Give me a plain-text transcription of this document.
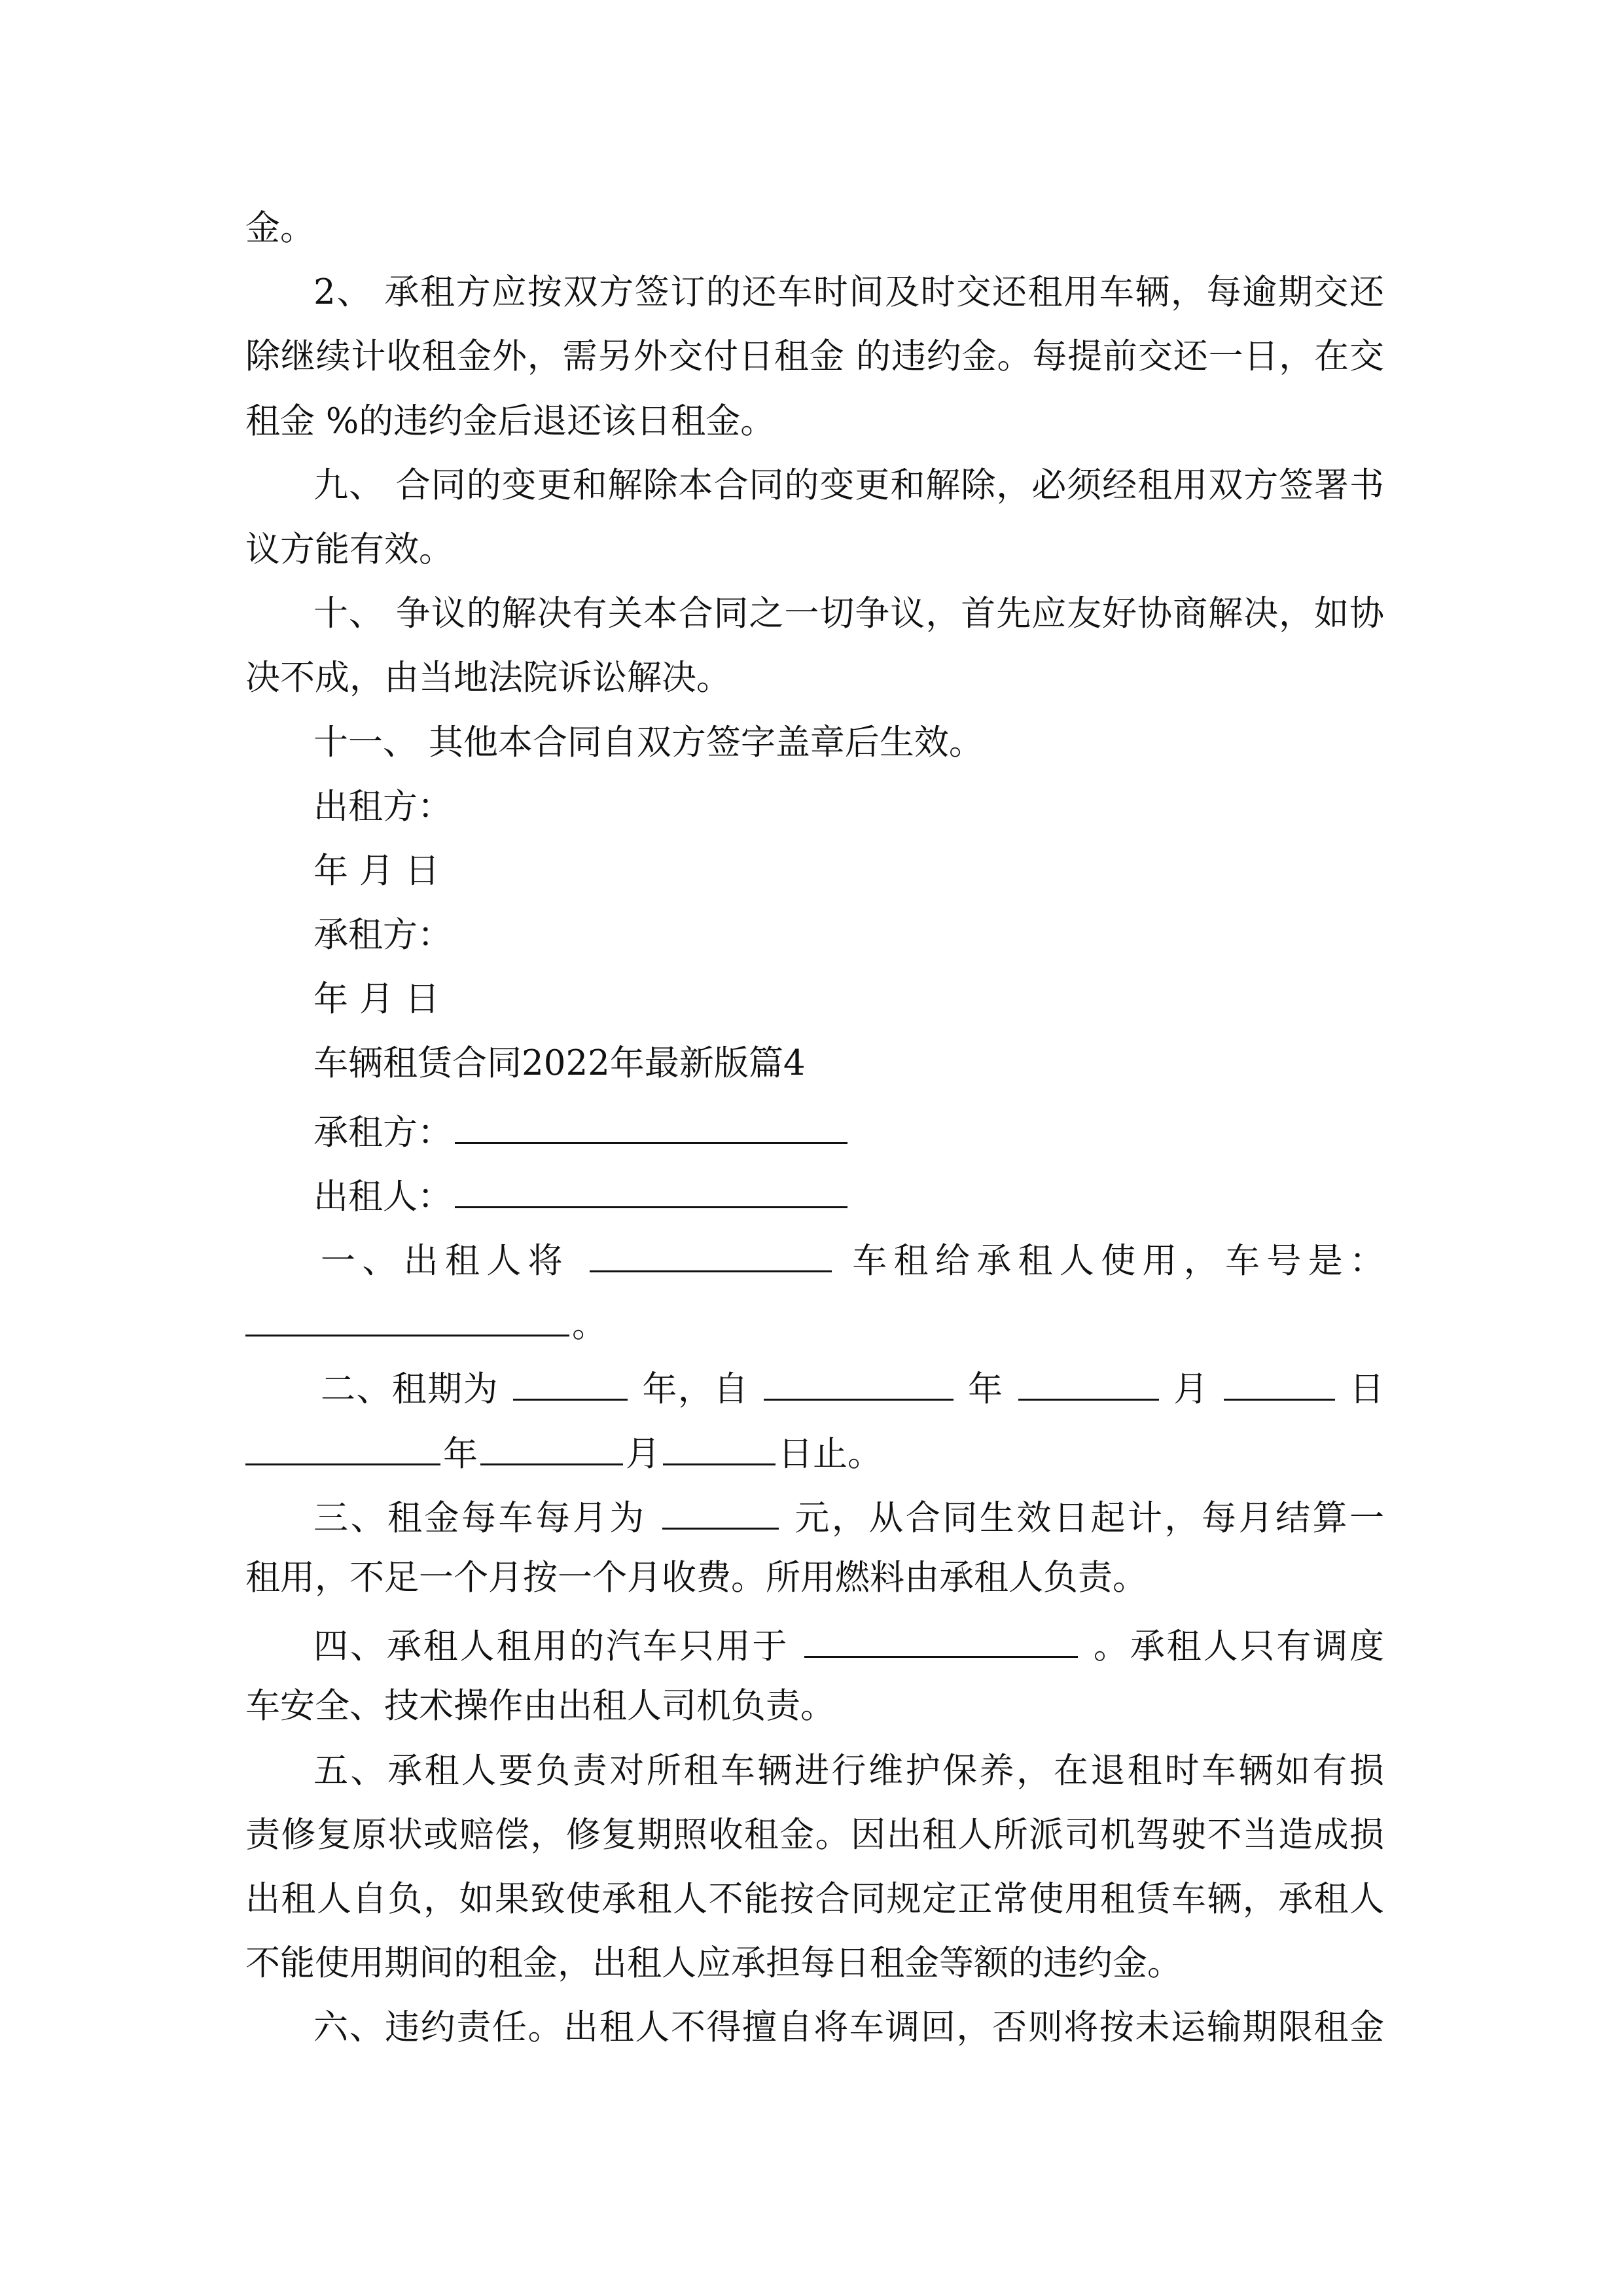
金。
2、 承租方应按双方签订的还车时间及时交还租用车辆，每逾期交还
除继续计收租金外，需另外交付日租金 的违约金。每提前交还一日，在交
租金 %的违约金后退还该日租金。
九、 合同的变更和解除本合同的变更和解除，必须经租用双方签署书
议方能有效。
十、 争议的解决有关本合同之一切争议，首先应友好协商解决，如协
决不成，由当地法院诉讼解决。
十一、 其他本合同自双方签字盖章后生效。
出租方：
年 月 日
承租方：
年 月 日
车辆租赁合同2022年最新版篇4
承租方：
出租人：
一、出租人将	车租给承租人使用，车号是：
。
二、租期为	年，自	年	月	日
年	月	日止。
三、租金每车每月为	元，从合同生效日起计，每月结算一
租用，不足一个月按一个月收费。所用燃料由承租人负责。
四、承租人租用的汽车只用于	。承租人只有调度
车安全、技术操作由出租人司机负责。
五、承租人要负责对所租车辆进行维护保养，在退租时车辆如有损
责修复原状或赔偿，修复期照收租金。因出租人所派司机驾驶不当造成损
出租人自负，如果致使承租人不能按合同规定正常使用租赁车辆，承租人
不能使用期间的租金，出租人应承担每日租金等额的违约金。
六、违约责任。出租人不得擅自将车调回，否则将按未运输期限租金
